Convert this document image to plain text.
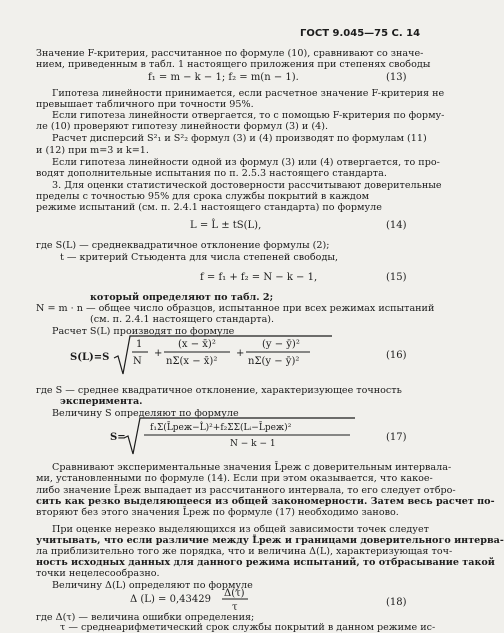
ГОСТ 9.045—75 С. 14
Значение F-критерия, рассчитанное по формуле (10), сравнивают со значе-
нием, приведенным в табл. 1 настоящего приложения при степенях свободы
f₁ = m − k − 1; f₂ = m(n − 1).	(13)
Гипотеза линейности принимается, если расчетное значение F-критерия не
превышает табличного при точности 95%.
Если гипотеза линейности отвергается, то с помощью F-критерия по форму-
ле (10) проверяют гипотезу линейности формул (3) и (4).
Расчет дисперсий S²₁ и S²₂ формул (3) и (4) производят по формулам (11)
и (12) при m=3 и k=1.
Если гипотеза линейности одной из формул (3) или (4) отвергается, то про-
водят дополнительные испытания по п. 2.5.3 настоящего стандарта.
3. Для оценки статистической достоверности рассчитывают доверительные
пределы с точностью 95% для срока службы покрытий в каждом
режиме испытаний (см. п. 2.4.1 настоящего стандарта) по формуле
L = L̂ ± tS(L),	(14)
где S(L) — среднеквадратичное отклонение формулы (2);
t — критерий Стьюдента для числа степеней свободы,
f = f₁ + f₂ = N − k − 1,	(15)
который определяют по табл. 2;
N = m · n — общее число образцов, испытанное при всех режимах испытаний
(см. п. 2.4.1 настоящего стандарта).
Расчет S(L) производят по формуле
S(L)=S
1
N
+
(x − x̄)²
nΣ(x − x̄)²
+
(y − ȳ)²
nΣ(y − ȳ)²
(16)
где S — среднее квадратичное отклонение, характеризующее точность
эксперимента.
Величину S определяют по формуле
S=
f₁Σ(L̄реж−L̂)²+f₂ΣΣ(Lᵢ−L̄реж)²
N − k − 1
(17)
Сравнивают экспериментальные значения L̄реж с доверительным интервала-
ми, установленными по формуле (14). Если при этом оказывается, что какое-
либо значение L̄реж выпадает из рассчитанного интервала, то его следует отбро-
сить как резко выделяющееся из общей закономерности. Затем весь расчет по-
вторяют без этого значения L̄реж по формуле (17) необходимо заново.
При оценке нерезко выделяющихся из общей зависимости точек следует
учитывать, что если различие между L̄реж и границами доверительного интерва-
ла приблизительно того же порядка, что и величина Δ(L), характеризующая точ-
ность исходных данных для данного режима испытаний, то отбрасывание такой
точки нецелесообразно.
Величину Δ(L) определяют по формуле
Δ (L) = 0,43429
Δ(τ)
τ	(18)
где Δ(τ) — величина ошибки определения;
τ — среднеарифметический срок службы покрытий в данном режиме ис-
